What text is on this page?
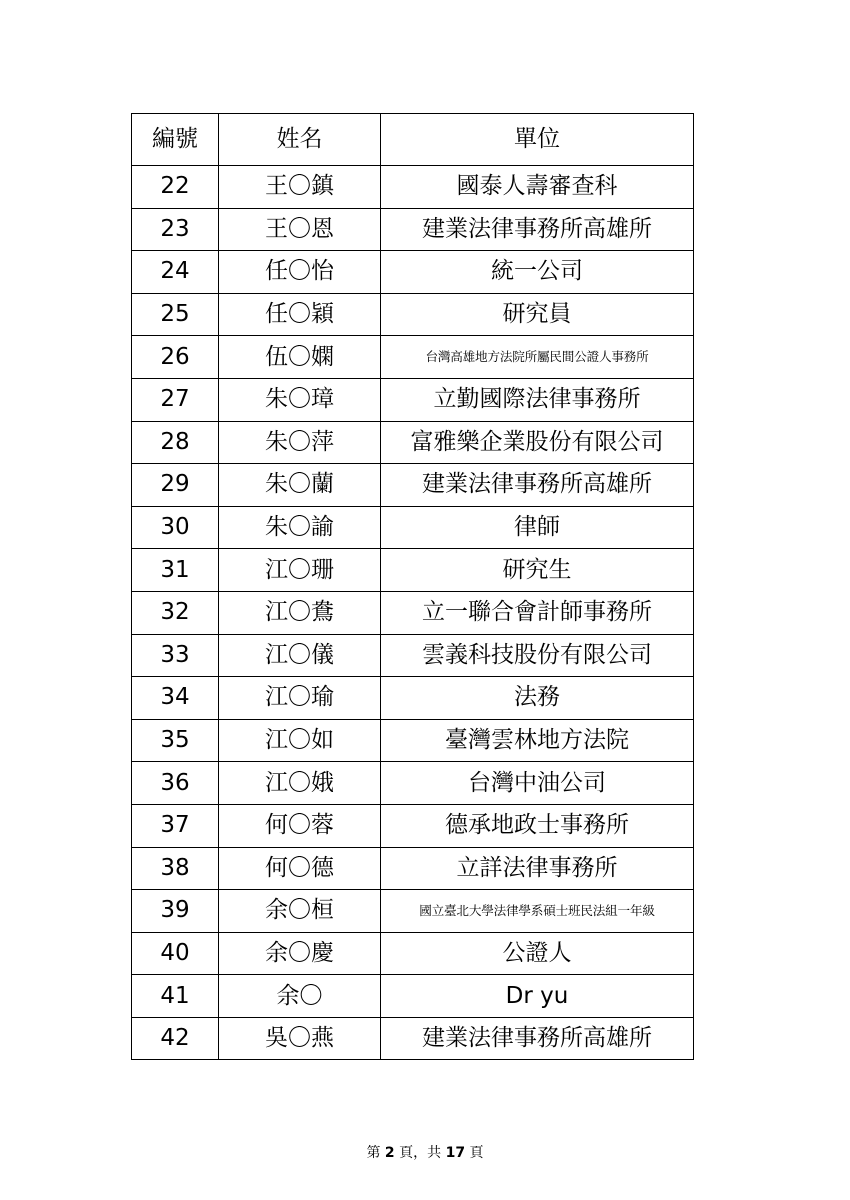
編號	姓名	單位
22	王〇鎮	國泰人壽審查科
23	王〇恩	建業法律事務所高雄所
24	任〇怡	統一公司
25	任〇穎	研究員
26	伍〇嫻	台灣高雄地方法院所屬民間公證人事務所
27	朱〇璋	立勤國際法律事務所
28	朱〇萍	富雅樂企業股份有限公司
29	朱〇蘭	建業法律事務所高雄所
30	朱〇諭	律師
31	江〇珊	研究生
32	江〇鴦	立一聯合會計師事務所
33	江〇儀	雲義科技股份有限公司
34	江〇瑜	法務
35	江〇如	臺灣雲林地方法院
36	江〇娥	台灣中油公司
37	何〇蓉	德承地政士事務所
38	何〇德	立詳法律事務所
39	余〇桓	國立臺北大學法律學系碩士班民法組一年級
40	余〇慶	公證人
41	余〇	Dr yu
42	吳〇燕	建業法律事務所高雄所
第 2 頁，共 17 頁
